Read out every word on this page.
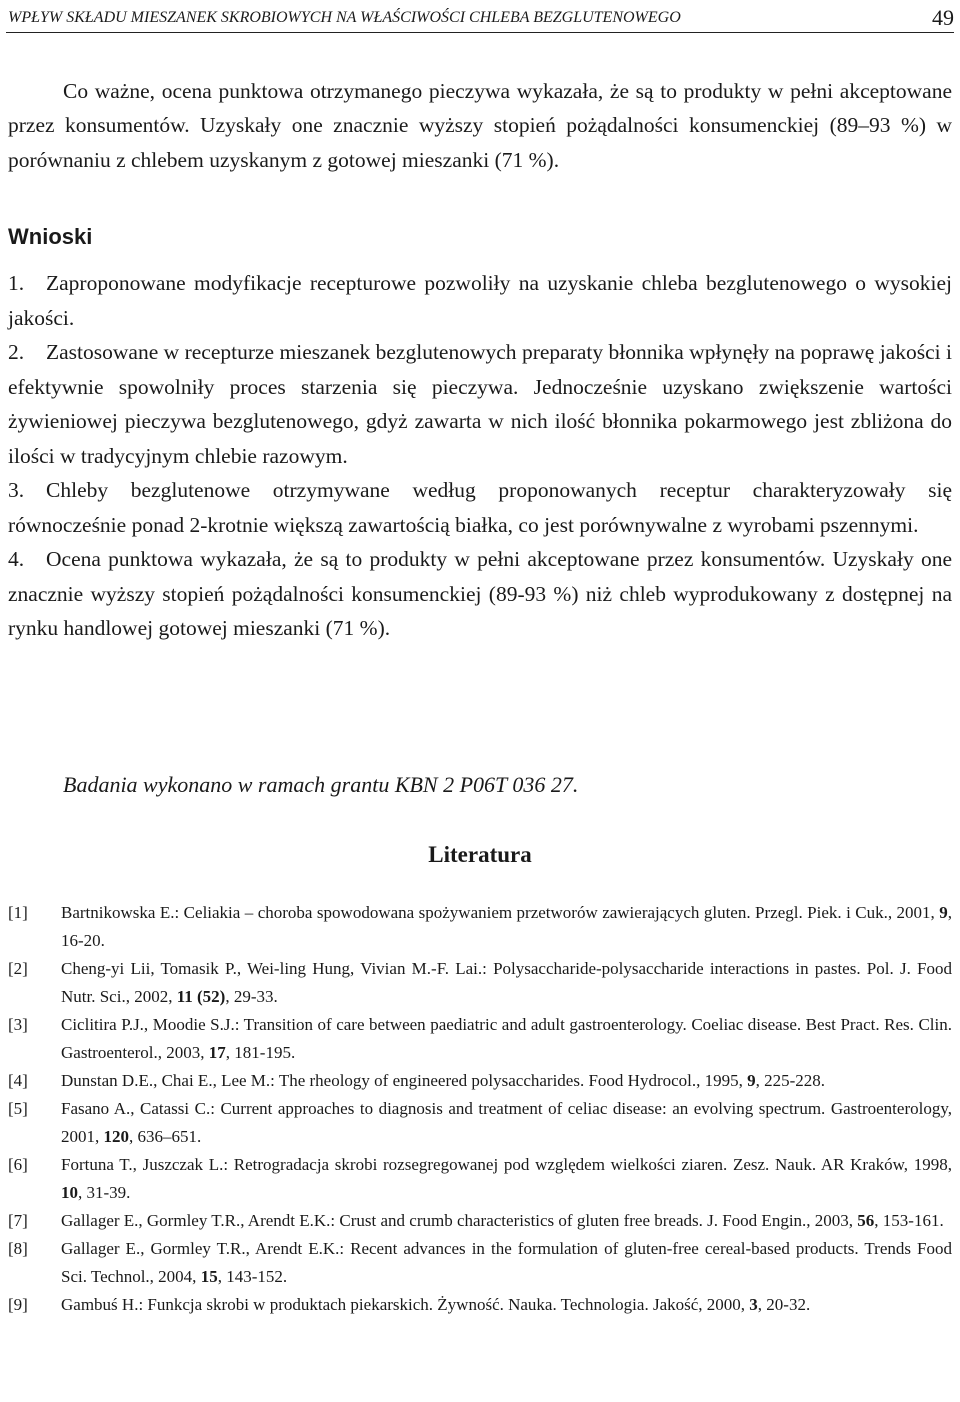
WPŁYW SKŁADU MIESZANEK SKROBIOWYCH NA WŁAŚCIWOŚCI CHLEBA BEZGLUTENOWEGO	49

Co ważne, ocena punktowa otrzymanego pieczywa wykazała, że są to produkty w pełni akceptowane przez konsumentów. Uzyskały one znacznie wyższy stopień pożądalności konsumenckiej (89–93 %) w porównaniu z chlebem uzyskanym z gotowej mieszanki (71 %).

Wnioski
1. Zaproponowane modyfikacje recepturowe pozwoliły na uzyskanie chleba bezglutenowego o wysokiej jakości.
2. Zastosowane w recepturze mieszanek bezglutenowych preparaty błonnika wpłynęły na poprawę jakości i efektywnie spowolniły proces starzenia się pieczywa. Jednocześnie uzyskano zwiększenie wartości żywieniowej pieczywa bezglutenowego, gdyż zawarta w nich ilość błonnika pokarmowego jest zbliżona do ilości w tradycyjnym chlebie razowym.
3. Chleby bezglutenowe otrzymywane według proponowanych receptur charakteryzowały się równocześnie ponad 2-krotnie większą zawartością białka, co jest porównywalne z wyrobami pszennymi.
4. Ocena punktowa wykazała, że są to produkty w pełni akceptowane przez konsumentów. Uzyskały one znacznie wyższy stopień pożądalności konsumenckiej (89-93 %) niż chleb wyprodukowany z dostępnej na rynku handlowej gotowej mieszanki (71 %).
Badania wykonano w ramach grantu KBN 2 P06T 036 27.
Literatura
[1] Bartnikowska E.: Celiakia – choroba spowodowana spożywaniem przetworów zawierających gluten. Przegl. Piek. i Cuk., 2001, 9, 16-20.
[2] Cheng-yi Lii, Tomasik P., Wei-ling Hung, Vivian M.-F. Lai.: Polysaccharide-polysaccharide interactions in pastes. Pol. J. Food Nutr. Sci., 2002, 11 (52), 29-33.
[3] Ciclitira P.J., Moodie S.J.: Transition of care between paediatric and adult gastroenterology. Coeliac disease. Best Pract. Res. Clin. Gastroenterol., 2003, 17, 181-195.
[4] Dunstan D.E., Chai E., Lee M.: The rheology of engineered polysaccharides. Food Hydrocol., 1995, 9, 225-228.
[5] Fasano A., Catassi C.: Current approaches to diagnosis and treatment of celiac disease: an evolving spectrum. Gastroenterology, 2001, 120, 636–651.
[6] Fortuna T., Juszczak L.: Retrogradacja skrobi rozsegregowanej pod względem wielkości ziaren. Zesz. Nauk. AR Kraków, 1998, 10, 31-39.
[7] Gallager E., Gormley T.R., Arendt E.K.: Crust and crumb characteristics of gluten free breads. J. Food Engin., 2003, 56, 153-161.
[8] Gallager E., Gormley T.R., Arendt E.K.: Recent advances in the formulation of gluten-free cereal-based products. Trends Food Sci. Technol., 2004, 15, 143-152.
[9] Gambuś H.: Funkcja skrobi w produktach piekarskich. Żywność. Nauka. Technologia. Jakość, 2000, 3, 20-32.
